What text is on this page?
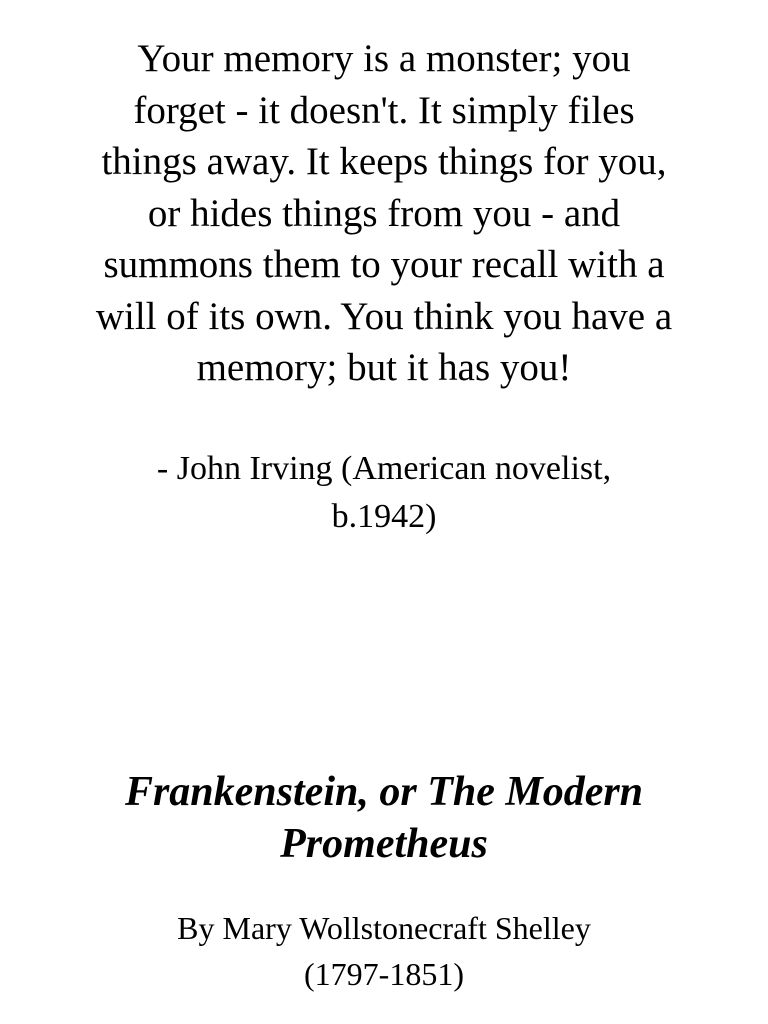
Your memory is a monster; you
forget - it doesn't. It simply files
things away. It keeps things for you,
or hides things from you - and
summons them to your recall with a
will of its own. You think you have a
memory; but it has you!

- John Irving (American novelist,
b.1942)

Frankenstein, or The Modern
Prometheus

By Mary Wollstonecraft Shelley
(1797-1851)
